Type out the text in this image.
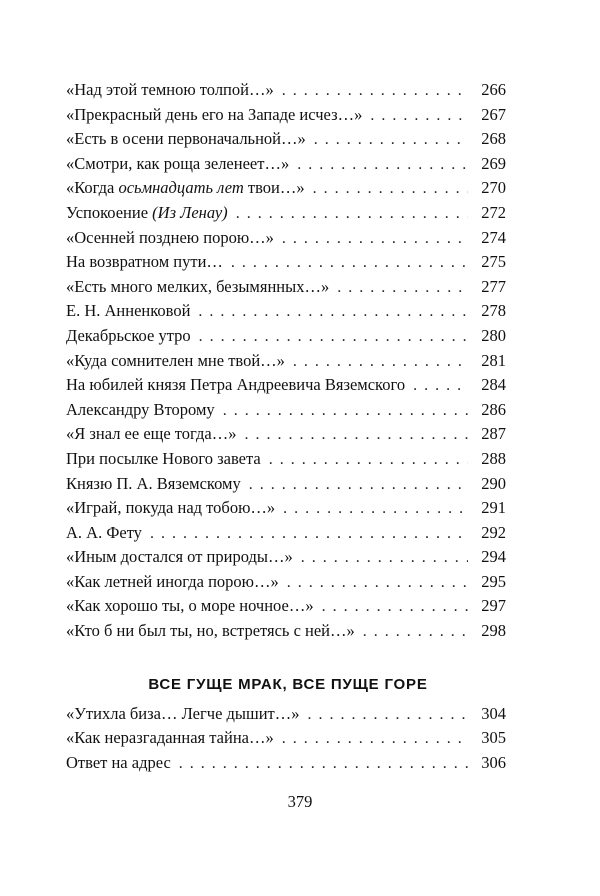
«Над этой темною толпой…» . . .	266
«Прекрасный день его на Западе исчез…» . . .	267
«Есть в осени первоначальной…» . . .	268
«Смотри, как роща зеленеет…» . . .	269
«Когда осьмнадцать лет твои…» . . .	270
Успокоение (Из Ленау) . . .	272
«Осенней позднею порою…» . . .	274
На возвратном пути… . . .	275
«Есть много мелких, безымянных…» . . .	277
Е. Н. Анненковой . . .	278
Декабрьское утро . . .	280
«Куда сомнителен мне твой…» . . .	281
На юбилей князя Петра Андреевича Вяземского . . .	284
Александру Второму . . .	286
«Я знал ее еще тогда…» . . .	287
При посылке Нового завета . . .	288
Князю П. А. Вяземскому . . .	290
«Играй, покуда над тобою…» . . .	291
А. А. Фету . . .	292
«Иным достался от природы…» . . .	294
«Как летней иногда порою…» . . .	295
«Как хорошо ты, о море ночное…» . . .	297
«Кто б ни был ты, но, встретясь с ней…» . . .	298
ВСЕ ГУЩЕ МРАК, ВСЕ ПУЩЕ ГОРЕ
«Утихла биза… Легче дышит…» . . .	304
«Как неразгаданная тайна…» . . .	305
Ответ на адрес . . .	306
379
